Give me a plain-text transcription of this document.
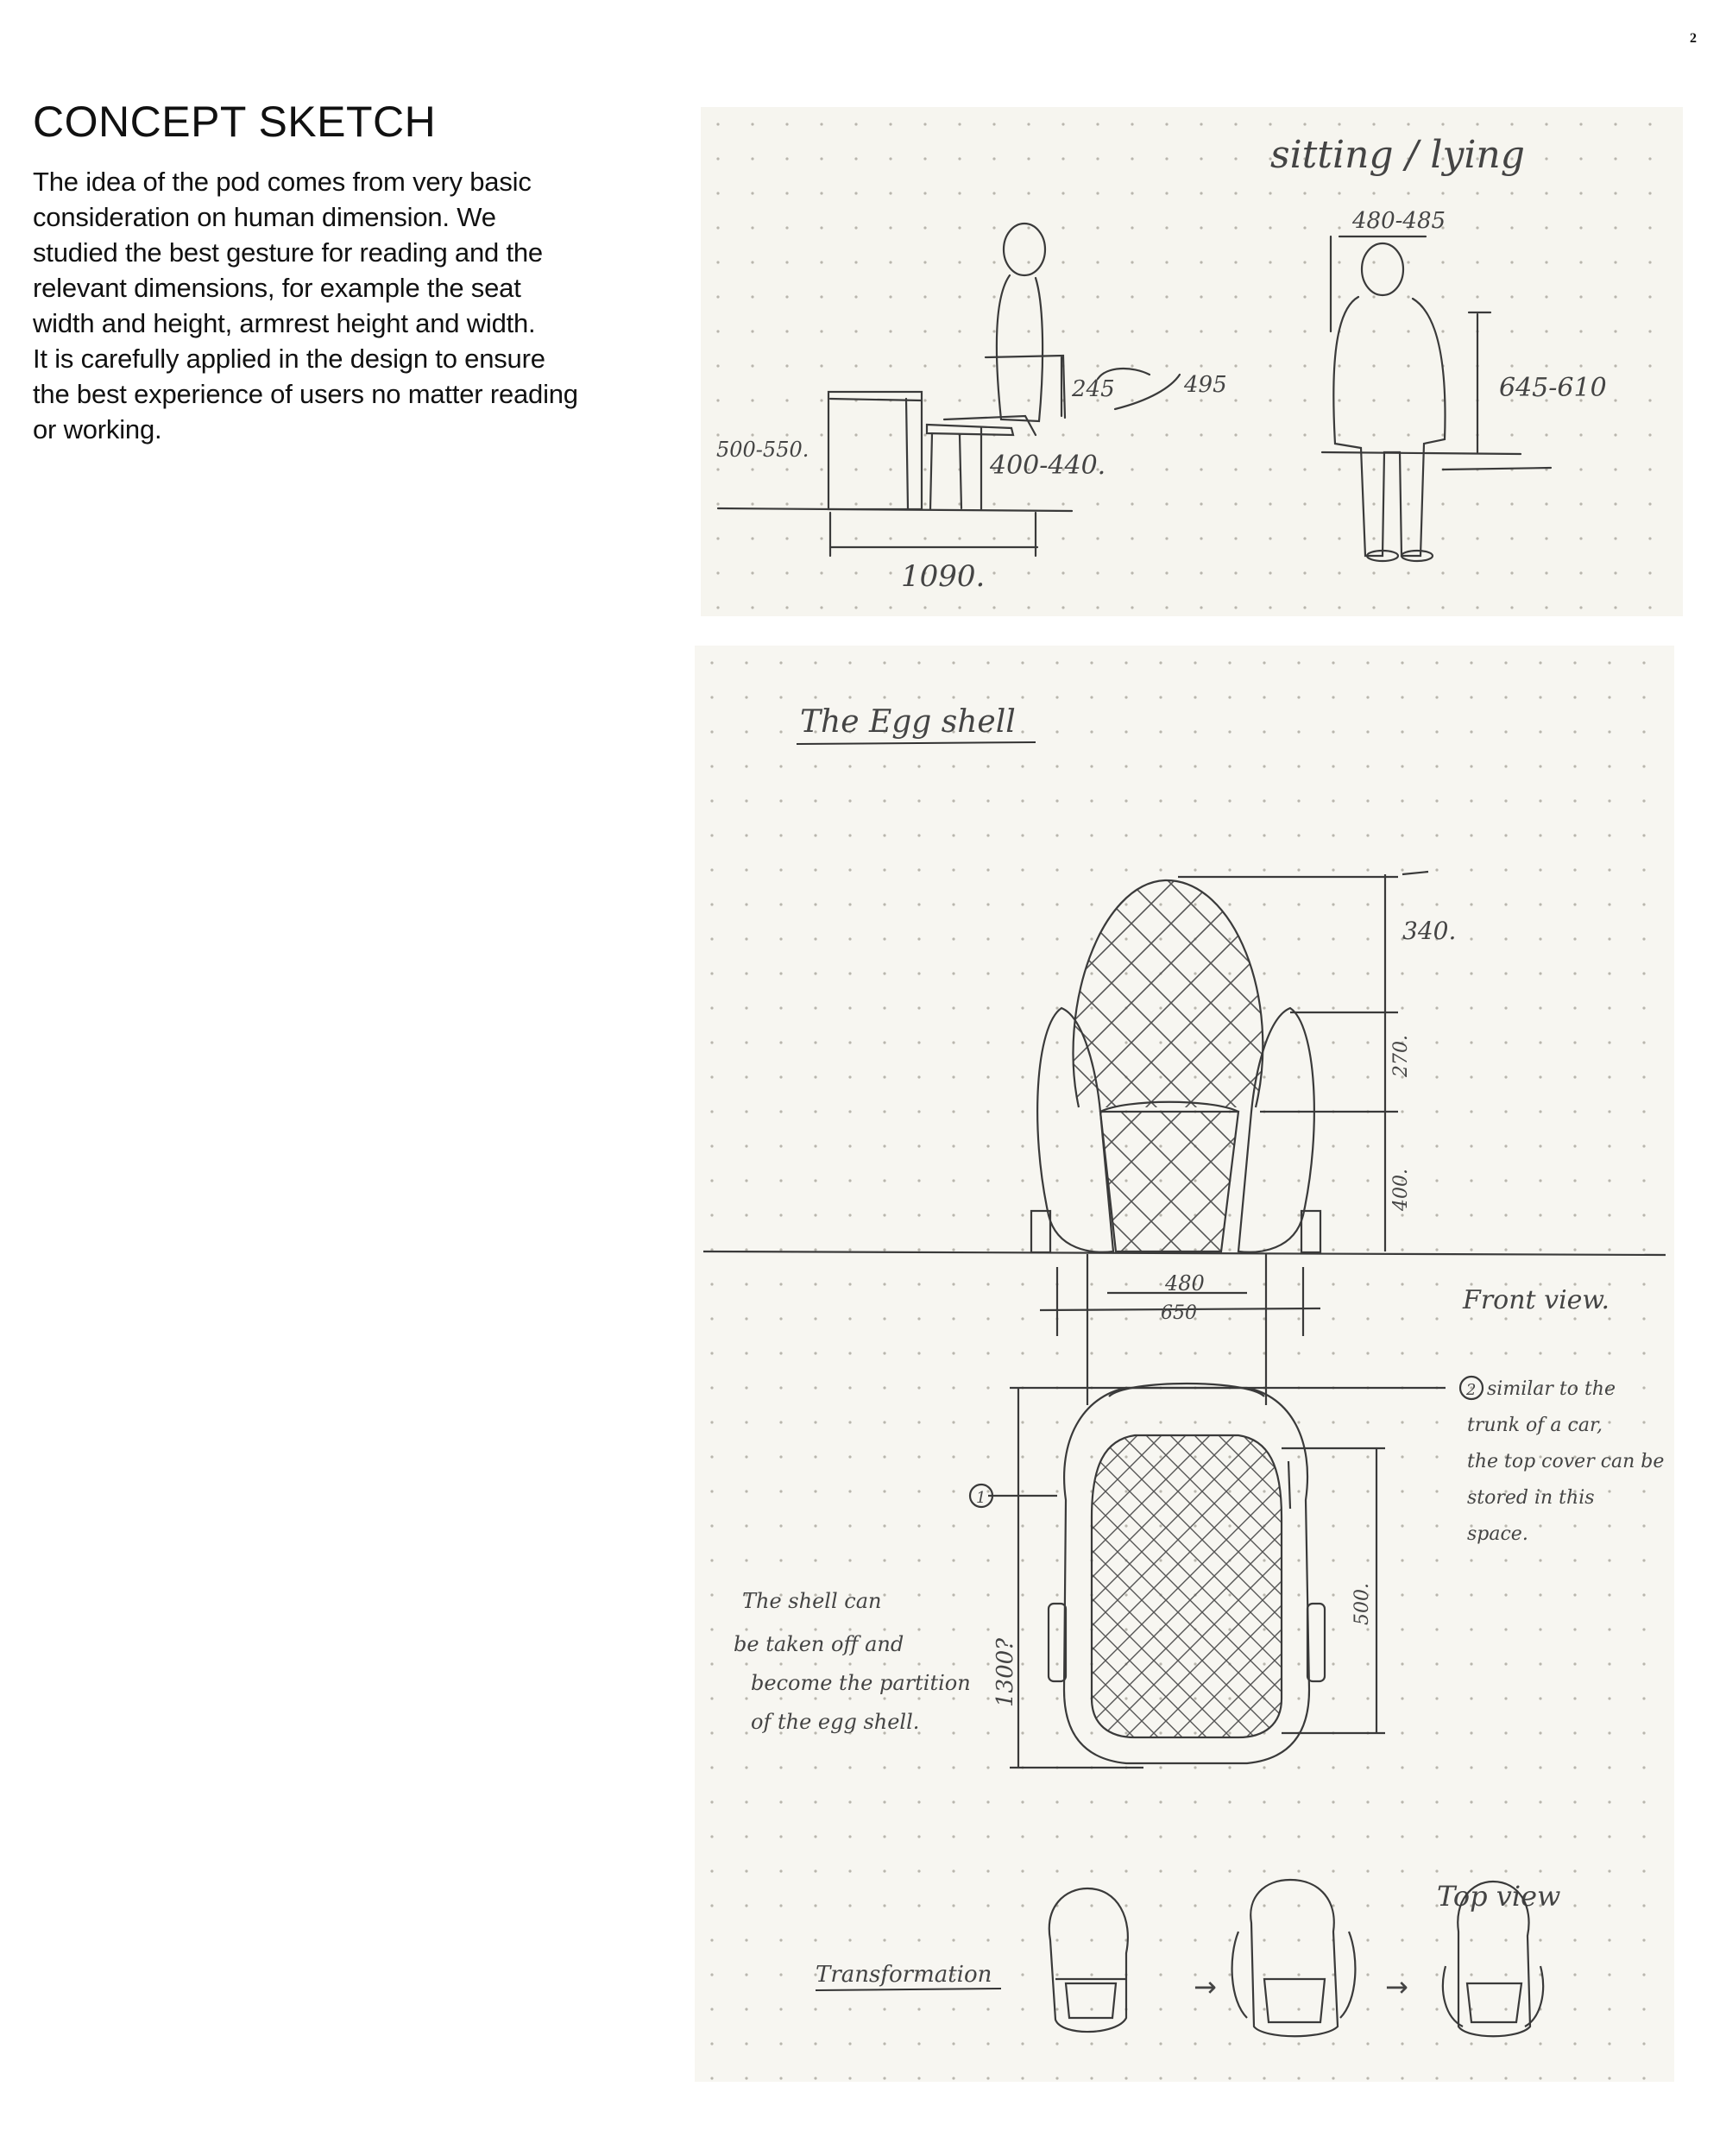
2
CONCEPT SKETCH
The idea of the pod comes from very basic
consideration on human dimension. We
studied the best gesture for reading and the
relevant dimensions, for example the seat
width and height, armrest height and width.
It is carefully applied in the design to ensure
the best experience of users no matter reading
or working.
sitting / lying
480-485
245	495	645-610
500-550.
400-440.
1090.
The Egg shell
340.
270.
400.
480
650	Front view.
1
2
1300?
500.
The shell can
be taken off and
become the partition
of the egg shell.
similar to the
trunk of a car,
the top cover can be
stored in this
space.
Top view
Transformation	→	→
